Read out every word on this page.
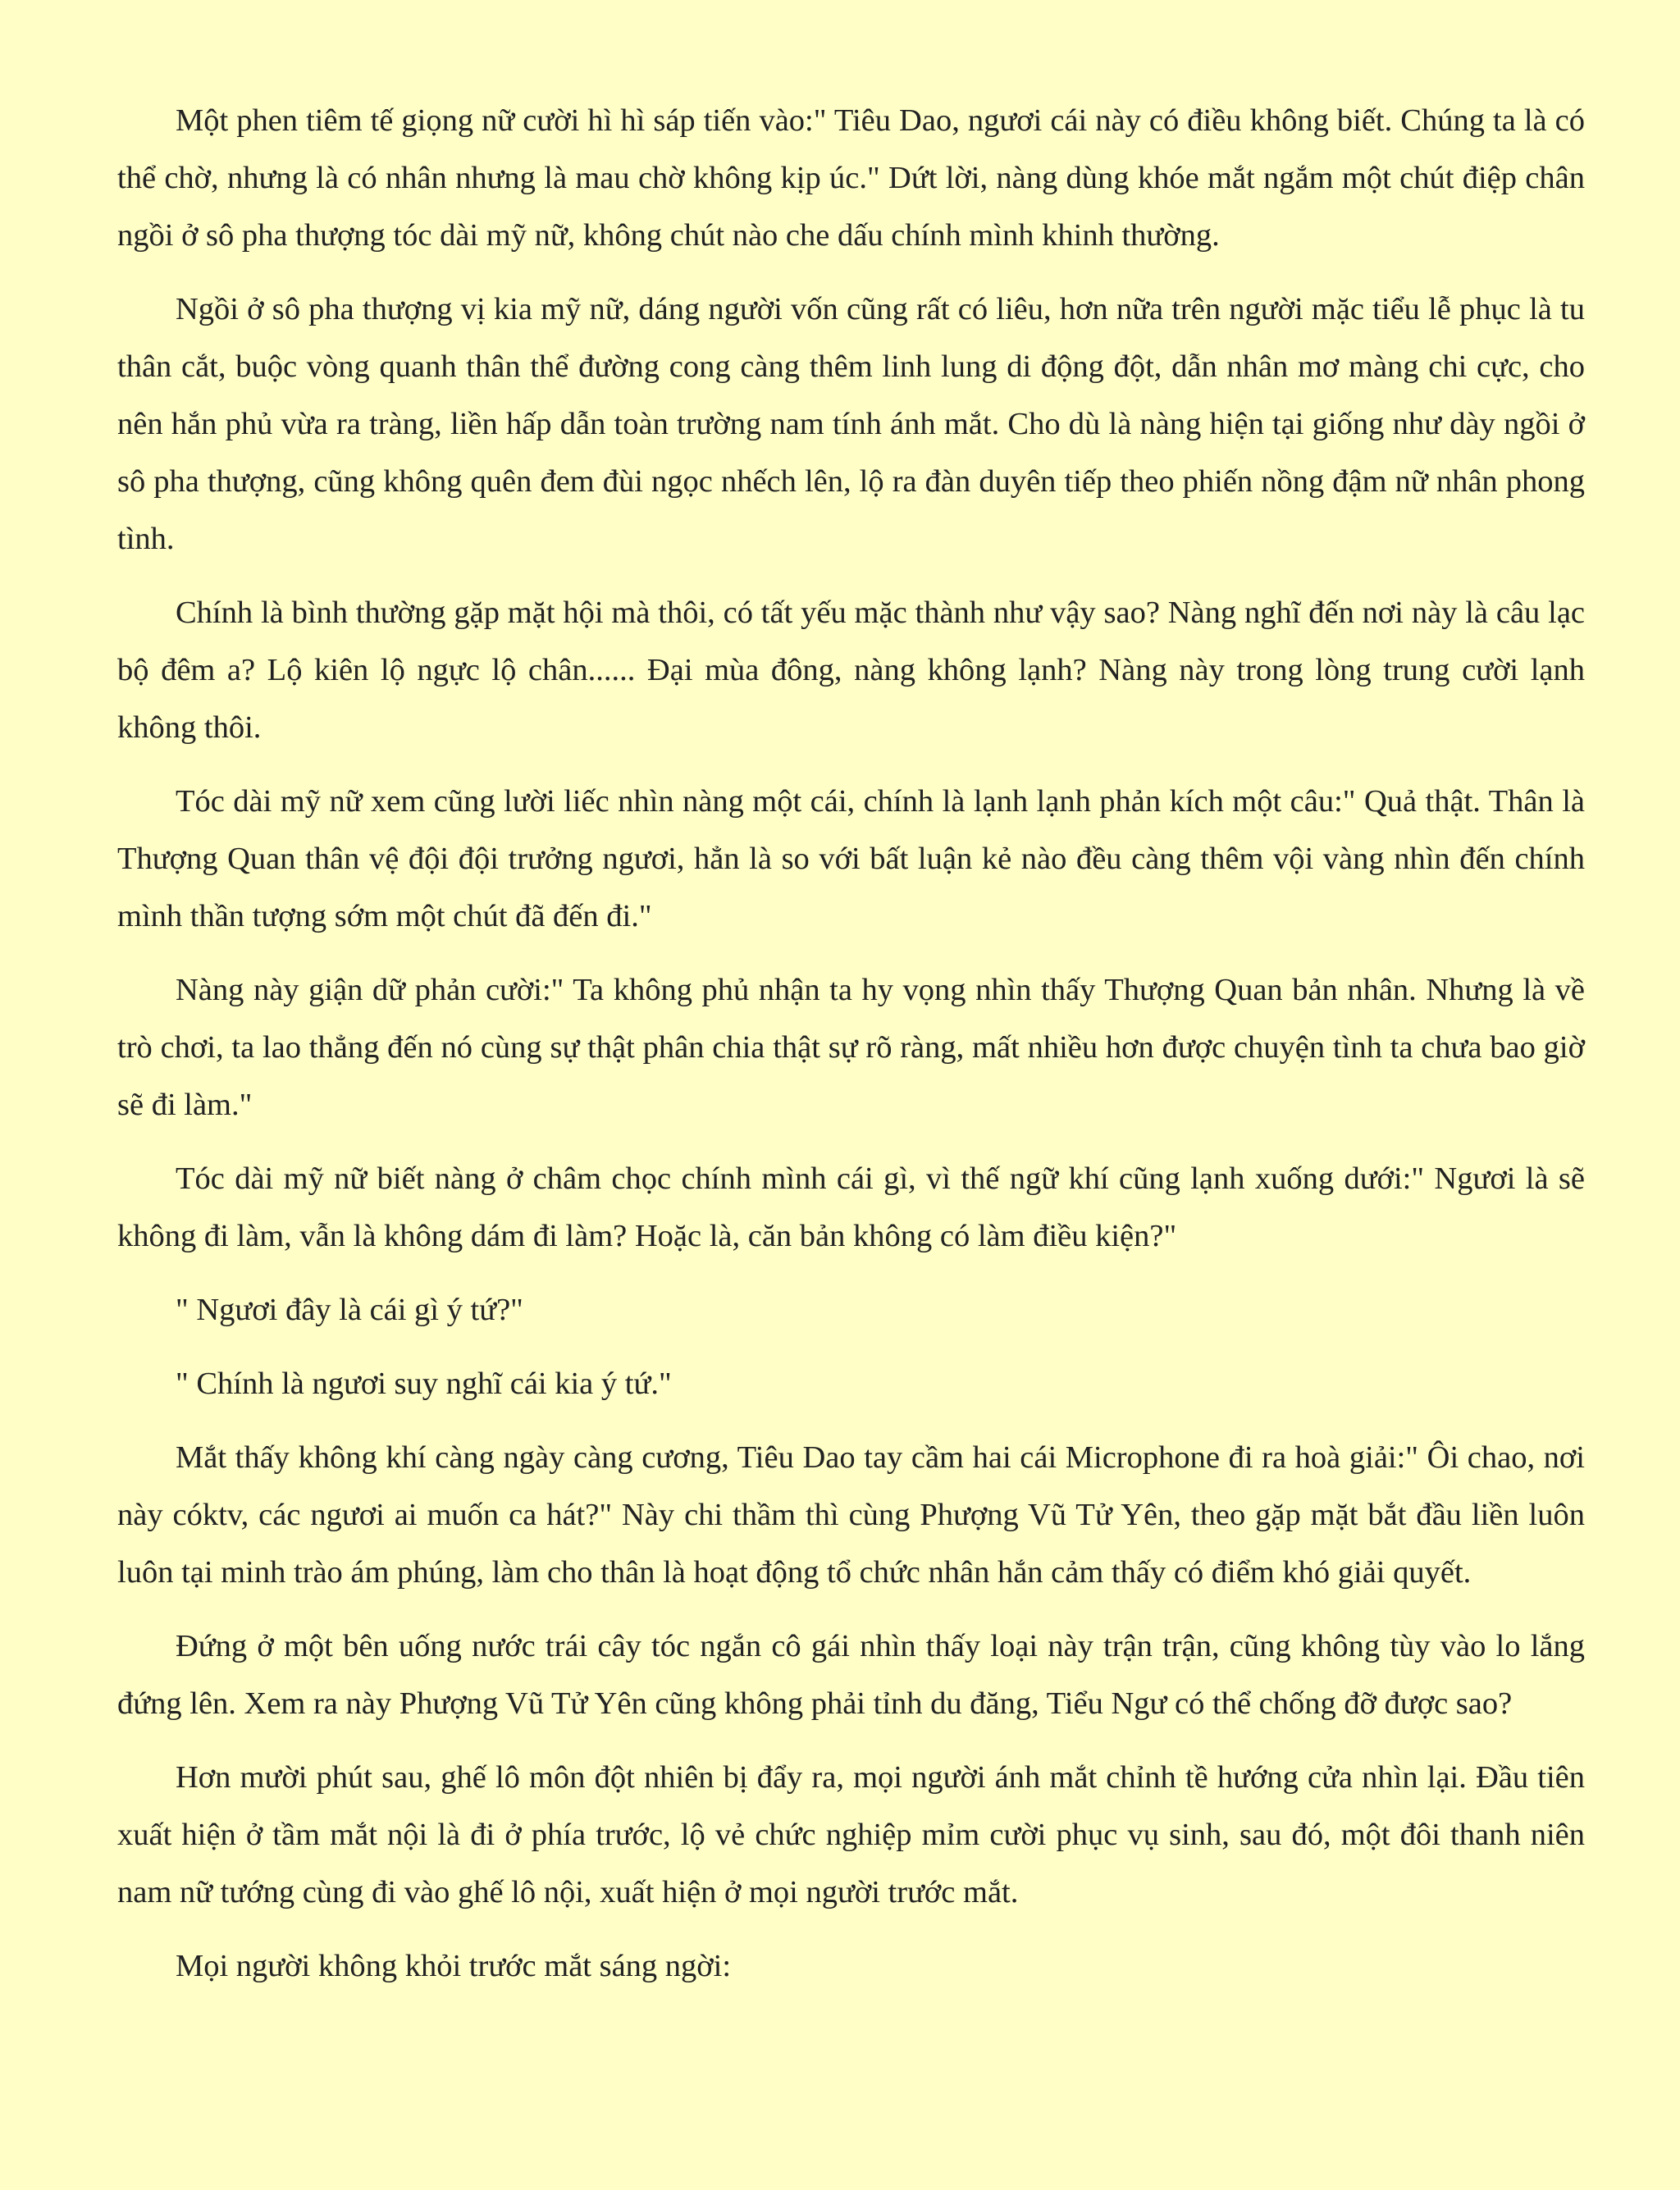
Một phen tiêm tế giọng nữ cười hì hì sáp tiến vào:" Tiêu Dao, ngươi cái này có điều không biết. Chúng ta là có thể chờ, nhưng là có nhân nhưng là mau chờ không kịp úc." Dứt lời, nàng dùng khóe mắt ngắm một chút điệp chân ngồi ở sô pha thượng tóc dài mỹ nữ, không chút nào che dấu chính mình khinh thường.

Ngồi ở sô pha thượng vị kia mỹ nữ, dáng người vốn cũng rất có liêu, hơn nữa trên người mặc tiểu lễ phục là tu thân cắt, buộc vòng quanh thân thể đường cong càng thêm linh lung di động đột, dẫn nhân mơ màng chi cực, cho nên hắn phủ vừa ra tràng, liền hấp dẫn toàn trường nam tính ánh mắt. Cho dù là nàng hiện tại giống như dày ngồi ở sô pha thượng, cũng không quên đem đùi ngọc nhếch lên, lộ ra đàn duyên tiếp theo phiến nồng đậm nữ nhân phong tình.

Chính là bình thường gặp mặt hội mà thôi, có tất yếu mặc thành như vậy sao? Nàng nghĩ đến nơi này là câu lạc bộ đêm a? Lộ kiên lộ ngực lộ chân...... Đại mùa đông, nàng không lạnh? Nàng này trong lòng trung cười lạnh không thôi.

Tóc dài mỹ nữ xem cũng lười liếc nhìn nàng một cái, chính là lạnh lạnh phản kích một câu:" Quả thật. Thân là Thượng Quan thân vệ đội đội trưởng ngươi, hẳn là so với bất luận kẻ nào đều càng thêm vội vàng nhìn đến chính mình thần tượng sớm một chút đã đến đi."

Nàng này giận dữ phản cười:" Ta không phủ nhận ta hy vọng nhìn thấy Thượng Quan bản nhân. Nhưng là về trò chơi, ta lao thẳng đến nó cùng sự thật phân chia thật sự rõ ràng, mất nhiều hơn được chuyện tình ta chưa bao giờ sẽ đi làm."

Tóc dài mỹ nữ biết nàng ở châm chọc chính mình cái gì, vì thế ngữ khí cũng lạnh xuống dưới:" Ngươi là sẽ không đi làm, vẫn là không dám đi làm? Hoặc là, căn bản không có làm điều kiện?"

" Ngươi đây là cái gì ý tứ?"

" Chính là ngươi suy nghĩ cái kia ý tứ."

Mắt thấy không khí càng ngày càng cương, Tiêu Dao tay cầm hai cái Microphone đi ra hoà giải:" Ôi chao, nơi này cóktv, các ngươi ai muốn ca hát?" Này chi thầm thì cùng Phượng Vũ Tử Yên, theo gặp mặt bắt đầu liền luôn luôn tại minh trào ám phúng, làm cho thân là hoạt động tổ chức nhân hắn cảm thấy có điểm khó giải quyết.

Đứng ở một bên uống nước trái cây tóc ngắn cô gái nhìn thấy loại này trận trận, cũng không tùy vào lo lắng đứng lên. Xem ra này Phượng Vũ Tử Yên cũng không phải tỉnh du đăng, Tiểu Ngư có thể chống đỡ được sao?

Hơn mười phút sau, ghế lô môn đột nhiên bị đẩy ra, mọi người ánh mắt chỉnh tề hướng cửa nhìn lại. Đầu tiên xuất hiện ở tầm mắt nội là đi ở phía trước, lộ vẻ chức nghiệp mỉm cười phục vụ sinh, sau đó, một đôi thanh niên nam nữ tướng cùng đi vào ghế lô nội, xuất hiện ở mọi người trước mắt.

Mọi người không khỏi trước mắt sáng ngời:
